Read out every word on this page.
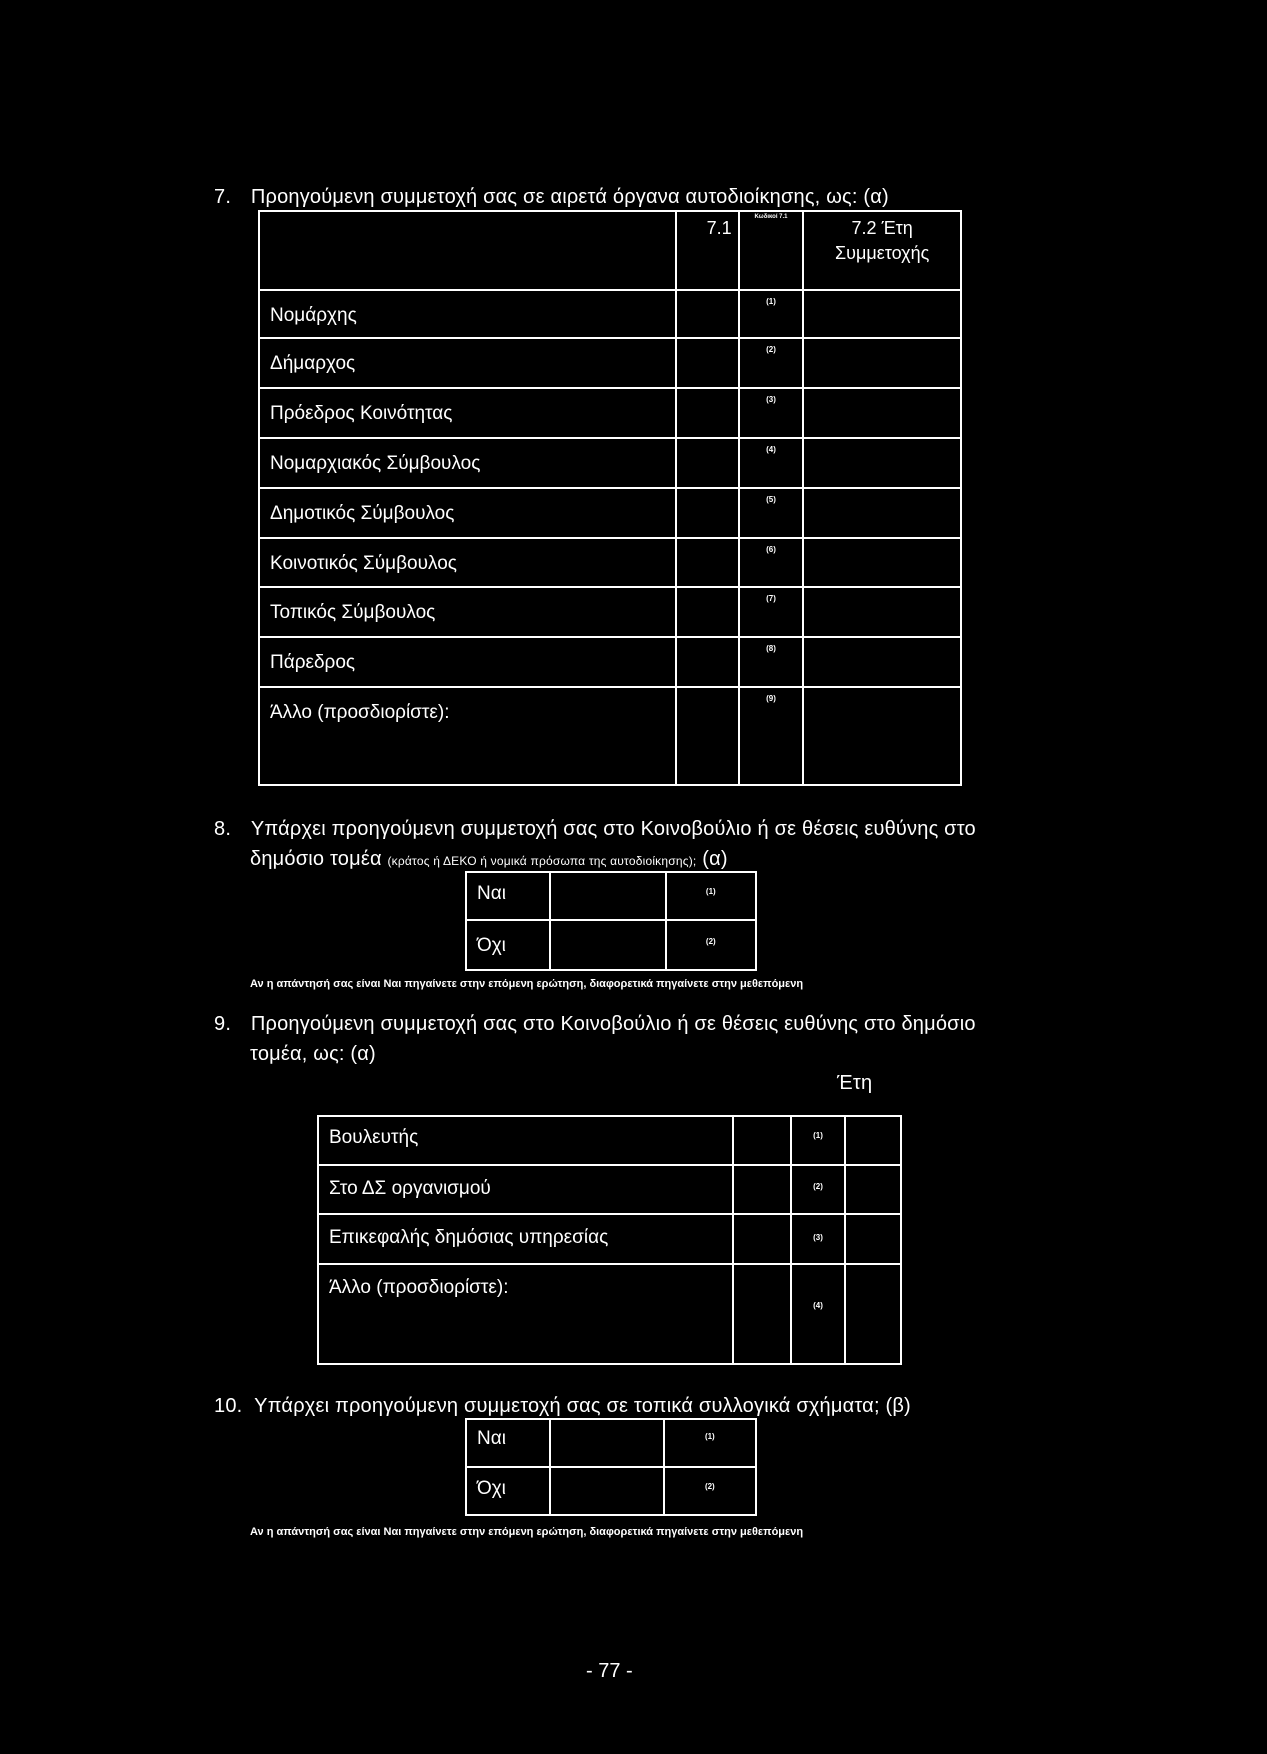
7. Προηγούμενη συμμετοχή σας σε αιρετά όργανα αυτοδιοίκησης, ως: (α)
	7.1	Κωδικοί 7.1	7.2 Έτη
Συμμετοχής

Νομάρχης		(1)	
Δήμαρχος		(2)	
Πρόεδρος Κοινότητας		(3)	
Νομαρχιακός Σύμβουλος		(4)	
Δημοτικός Σύμβουλος		(5)	
Κοινοτικός Σύμβουλος		(6)	
Τοπικός Σύμβουλος		(7)	
Πάρεδρος		(8)	
Άλλο (προσδιορίστε):		(9)	
8. Υπάρχει προηγούμενη συμμετοχή σας στο Κοινοβούλιο ή σε θέσεις ευθύνης στο
δημόσιο τομέα (κράτος ή ΔΕΚΟ ή νομικά πρόσωπα της αυτοδιοίκησης); (α)
Ναι		(1)
Όχι		(2)
Αν η απάντησή σας είναι Ναι πηγαίνετε στην επόμενη ερώτηση, διαφορετικά πηγαίνετε στην μεθεπόμενη
9. Προηγούμενη συμμετοχή σας στο Κοινοβούλιο ή σε θέσεις ευθύνης στο δημόσιο
τομέα, ως: (α)
Έτη
Βουλευτής		(1)	
Στο ΔΣ οργανισμού		(2)	
Επικεφαλής δημόσιας υπηρεσίας		(3)	
Άλλο (προσδιορίστε):		(4)	
10. Υπάρχει προηγούμενη συμμετοχή σας σε τοπικά συλλογικά σχήματα; (β)
Ναι		(1)
Όχι		(2)
Αν η απάντησή σας είναι Ναι πηγαίνετε στην επόμενη ερώτηση, διαφορετικά πηγαίνετε στην μεθεπόμενη
- 77 -
